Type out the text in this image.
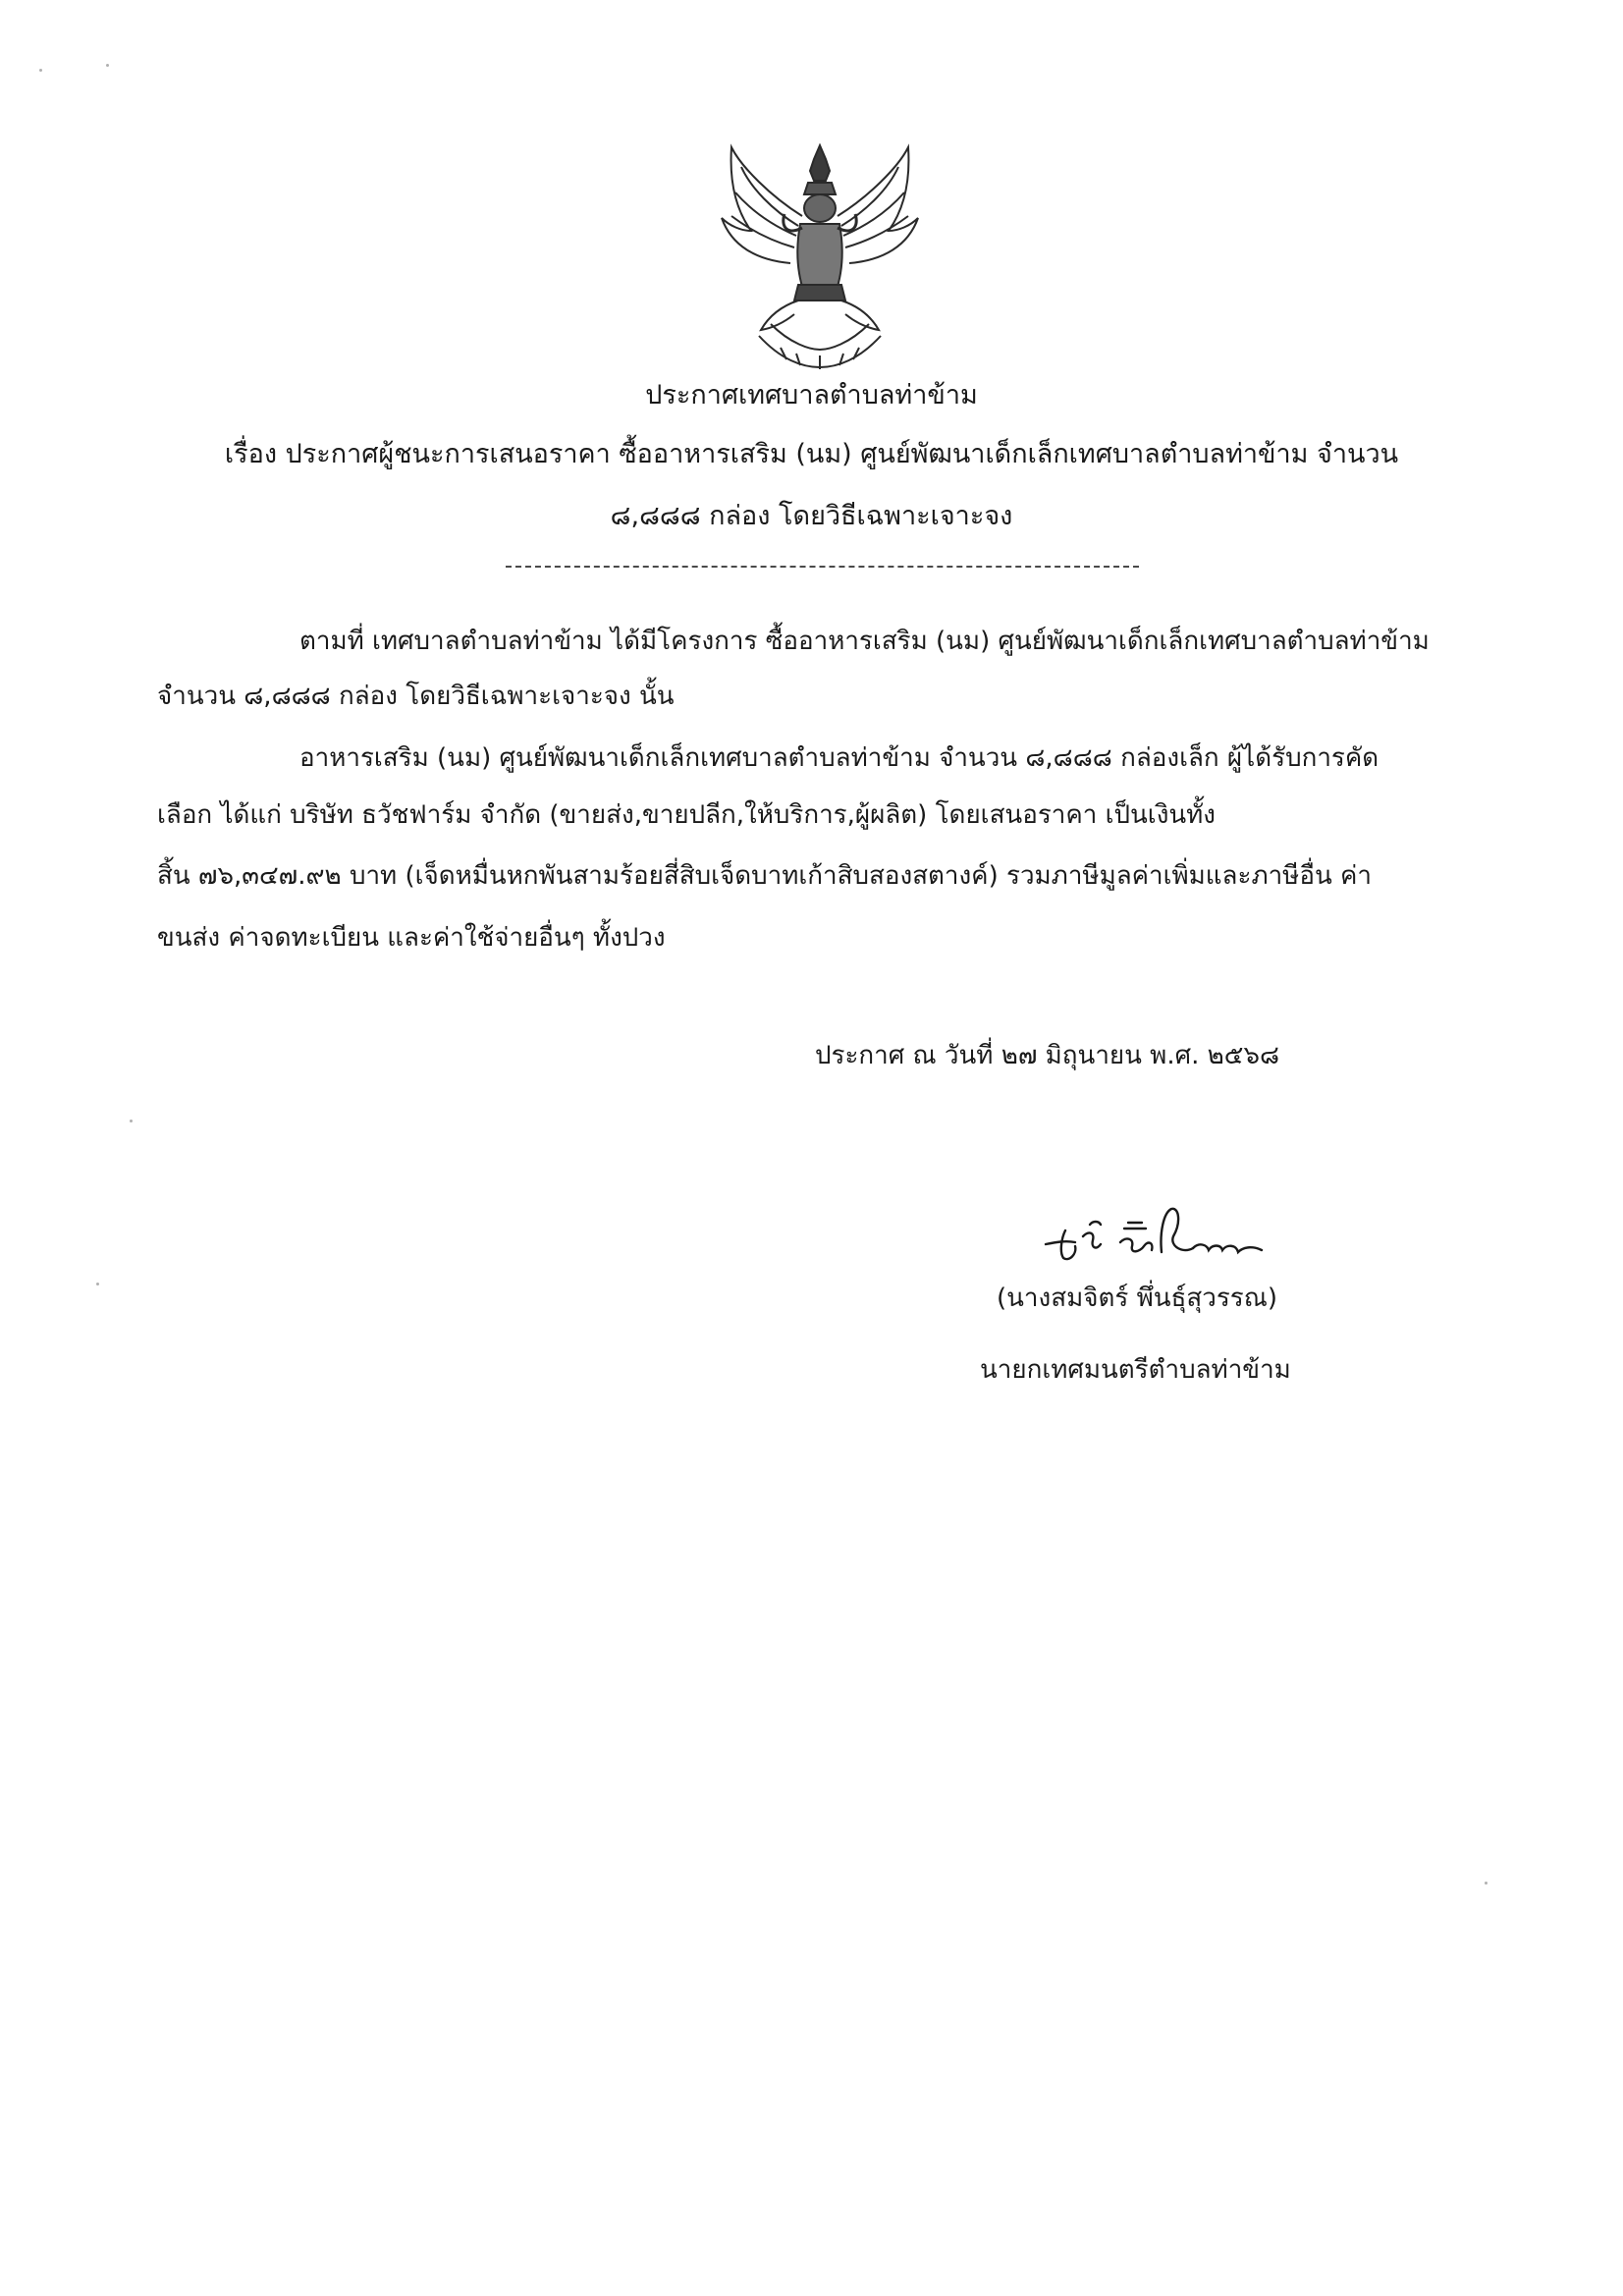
ประกาศเทศบาลตำบลท่าข้าม
เรื่อง ประกาศผู้ชนะการเสนอราคา ซื้ออาหารเสริม (นม) ศูนย์พัฒนาเด็กเล็กเทศบาลตำบลท่าข้าม จำนวน
๘,๘๘๘ กล่อง โดยวิธีเฉพาะเจาะจง
ตามที่ เทศบาลตำบลท่าข้าม ได้มีโครงการ ซื้ออาหารเสริม (นม) ศูนย์พัฒนาเด็กเล็กเทศบาลตำบลท่าข้าม
จำนวน ๘,๘๘๘ กล่อง โดยวิธีเฉพาะเจาะจง นั้น
อาหารเสริม (นม) ศูนย์พัฒนาเด็กเล็กเทศบาลตำบลท่าข้าม จำนวน ๘,๘๘๘ กล่องเล็ก ผู้ได้รับการคัด
เลือก ได้แก่ บริษัท ธวัชฟาร์ม จำกัด (ขายส่ง,ขายปลีก,ให้บริการ,ผู้ผลิต) โดยเสนอราคา เป็นเงินทั้ง
สิ้น ๗๖,๓๔๗.๙๒ บาท (เจ็ดหมื่นหกพันสามร้อยสี่สิบเจ็ดบาทเก้าสิบสองสตางค์) รวมภาษีมูลค่าเพิ่มและภาษีอื่น ค่า
ขนส่ง ค่าจดทะเบียน และค่าใช้จ่ายอื่นๆ ทั้งปวง
ประกาศ ณ วันที่ ๒๗ มิถุนายน พ.ศ. ๒๕๖๘
(นางสมจิตร์ พึ่นธุ์สุวรรณ)
นายกเทศมนตรีตำบลท่าข้าม
